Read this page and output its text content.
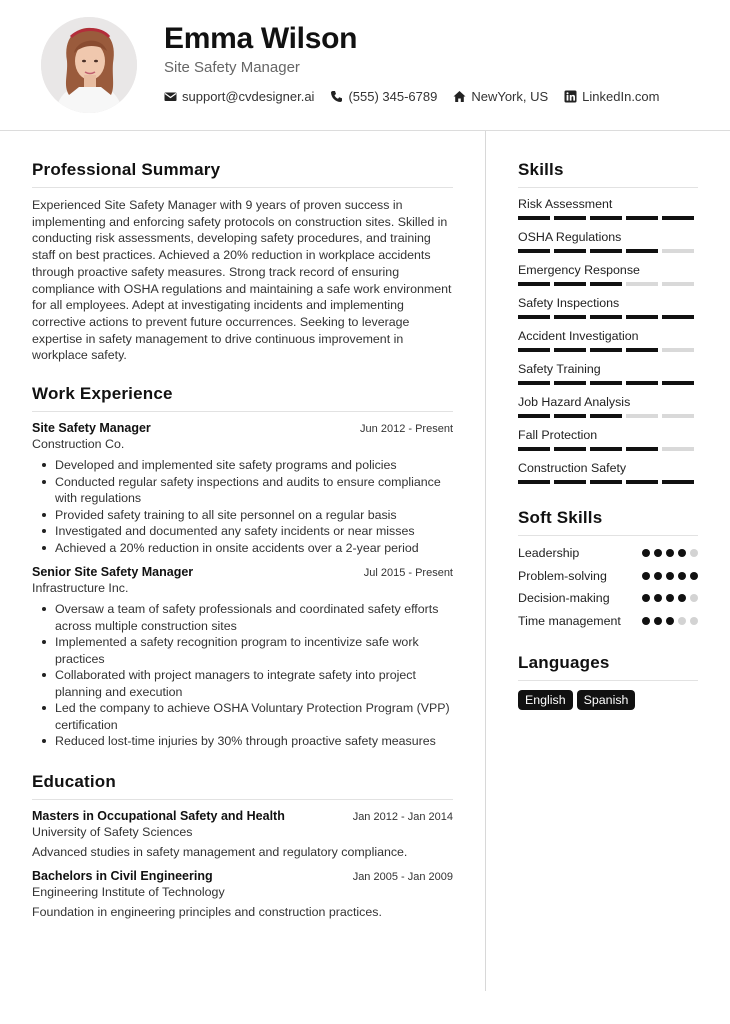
Emma Wilson
Site Safety Manager
support@cvdesigner.ai	(555) 345-6789	NewYork, US	LinkedIn.com
Professional Summary
Experienced Site Safety Manager with 9 years of proven success in implementing and enforcing safety protocols on construction sites. Skilled in conducting risk assessments, developing safety procedures, and training staff on best practices. Achieved a 20% reduction in workplace accidents through proactive safety measures. Strong track record of ensuring compliance with OSHA regulations and maintaining a safe work environment for all employees. Adept at investigating incidents and implementing corrective actions to prevent future occurrences. Seeking to leverage expertise in safety management to drive continuous improvement in workplace safety.
Work Experience
Site Safety Manager	Jun 2012 - Present
Construction Co.
Developed and implemented site safety programs and policies
Conducted regular safety inspections and audits to ensure compliance with regulations
Provided safety training to all site personnel on a regular basis
Investigated and documented any safety incidents or near misses
Achieved a 20% reduction in onsite accidents over a 2-year period
Senior Site Safety Manager	Jul 2015 - Present
Infrastructure Inc.
Oversaw a team of safety professionals and coordinated safety efforts across multiple construction sites
Implemented a safety recognition program to incentivize safe work practices
Collaborated with project managers to integrate safety into project planning and execution
Led the company to achieve OSHA Voluntary Protection Program (VPP) certification
Reduced lost-time injuries by 30% through proactive safety measures
Education
Masters in Occupational Safety and Health	Jan 2012 - Jan 2014
University of Safety Sciences
Advanced studies in safety management and regulatory compliance.
Bachelors in Civil Engineering	Jan 2005 - Jan 2009
Engineering Institute of Technology
Foundation in engineering principles and construction practices.
Skills
Risk Assessment
OSHA Regulations
Emergency Response
Safety Inspections
Accident Investigation
Safety Training
Job Hazard Analysis
Fall Protection
Construction Safety
Soft Skills
Leadership
Problem-solving
Decision-making
Time management
Languages
English	Spanish
